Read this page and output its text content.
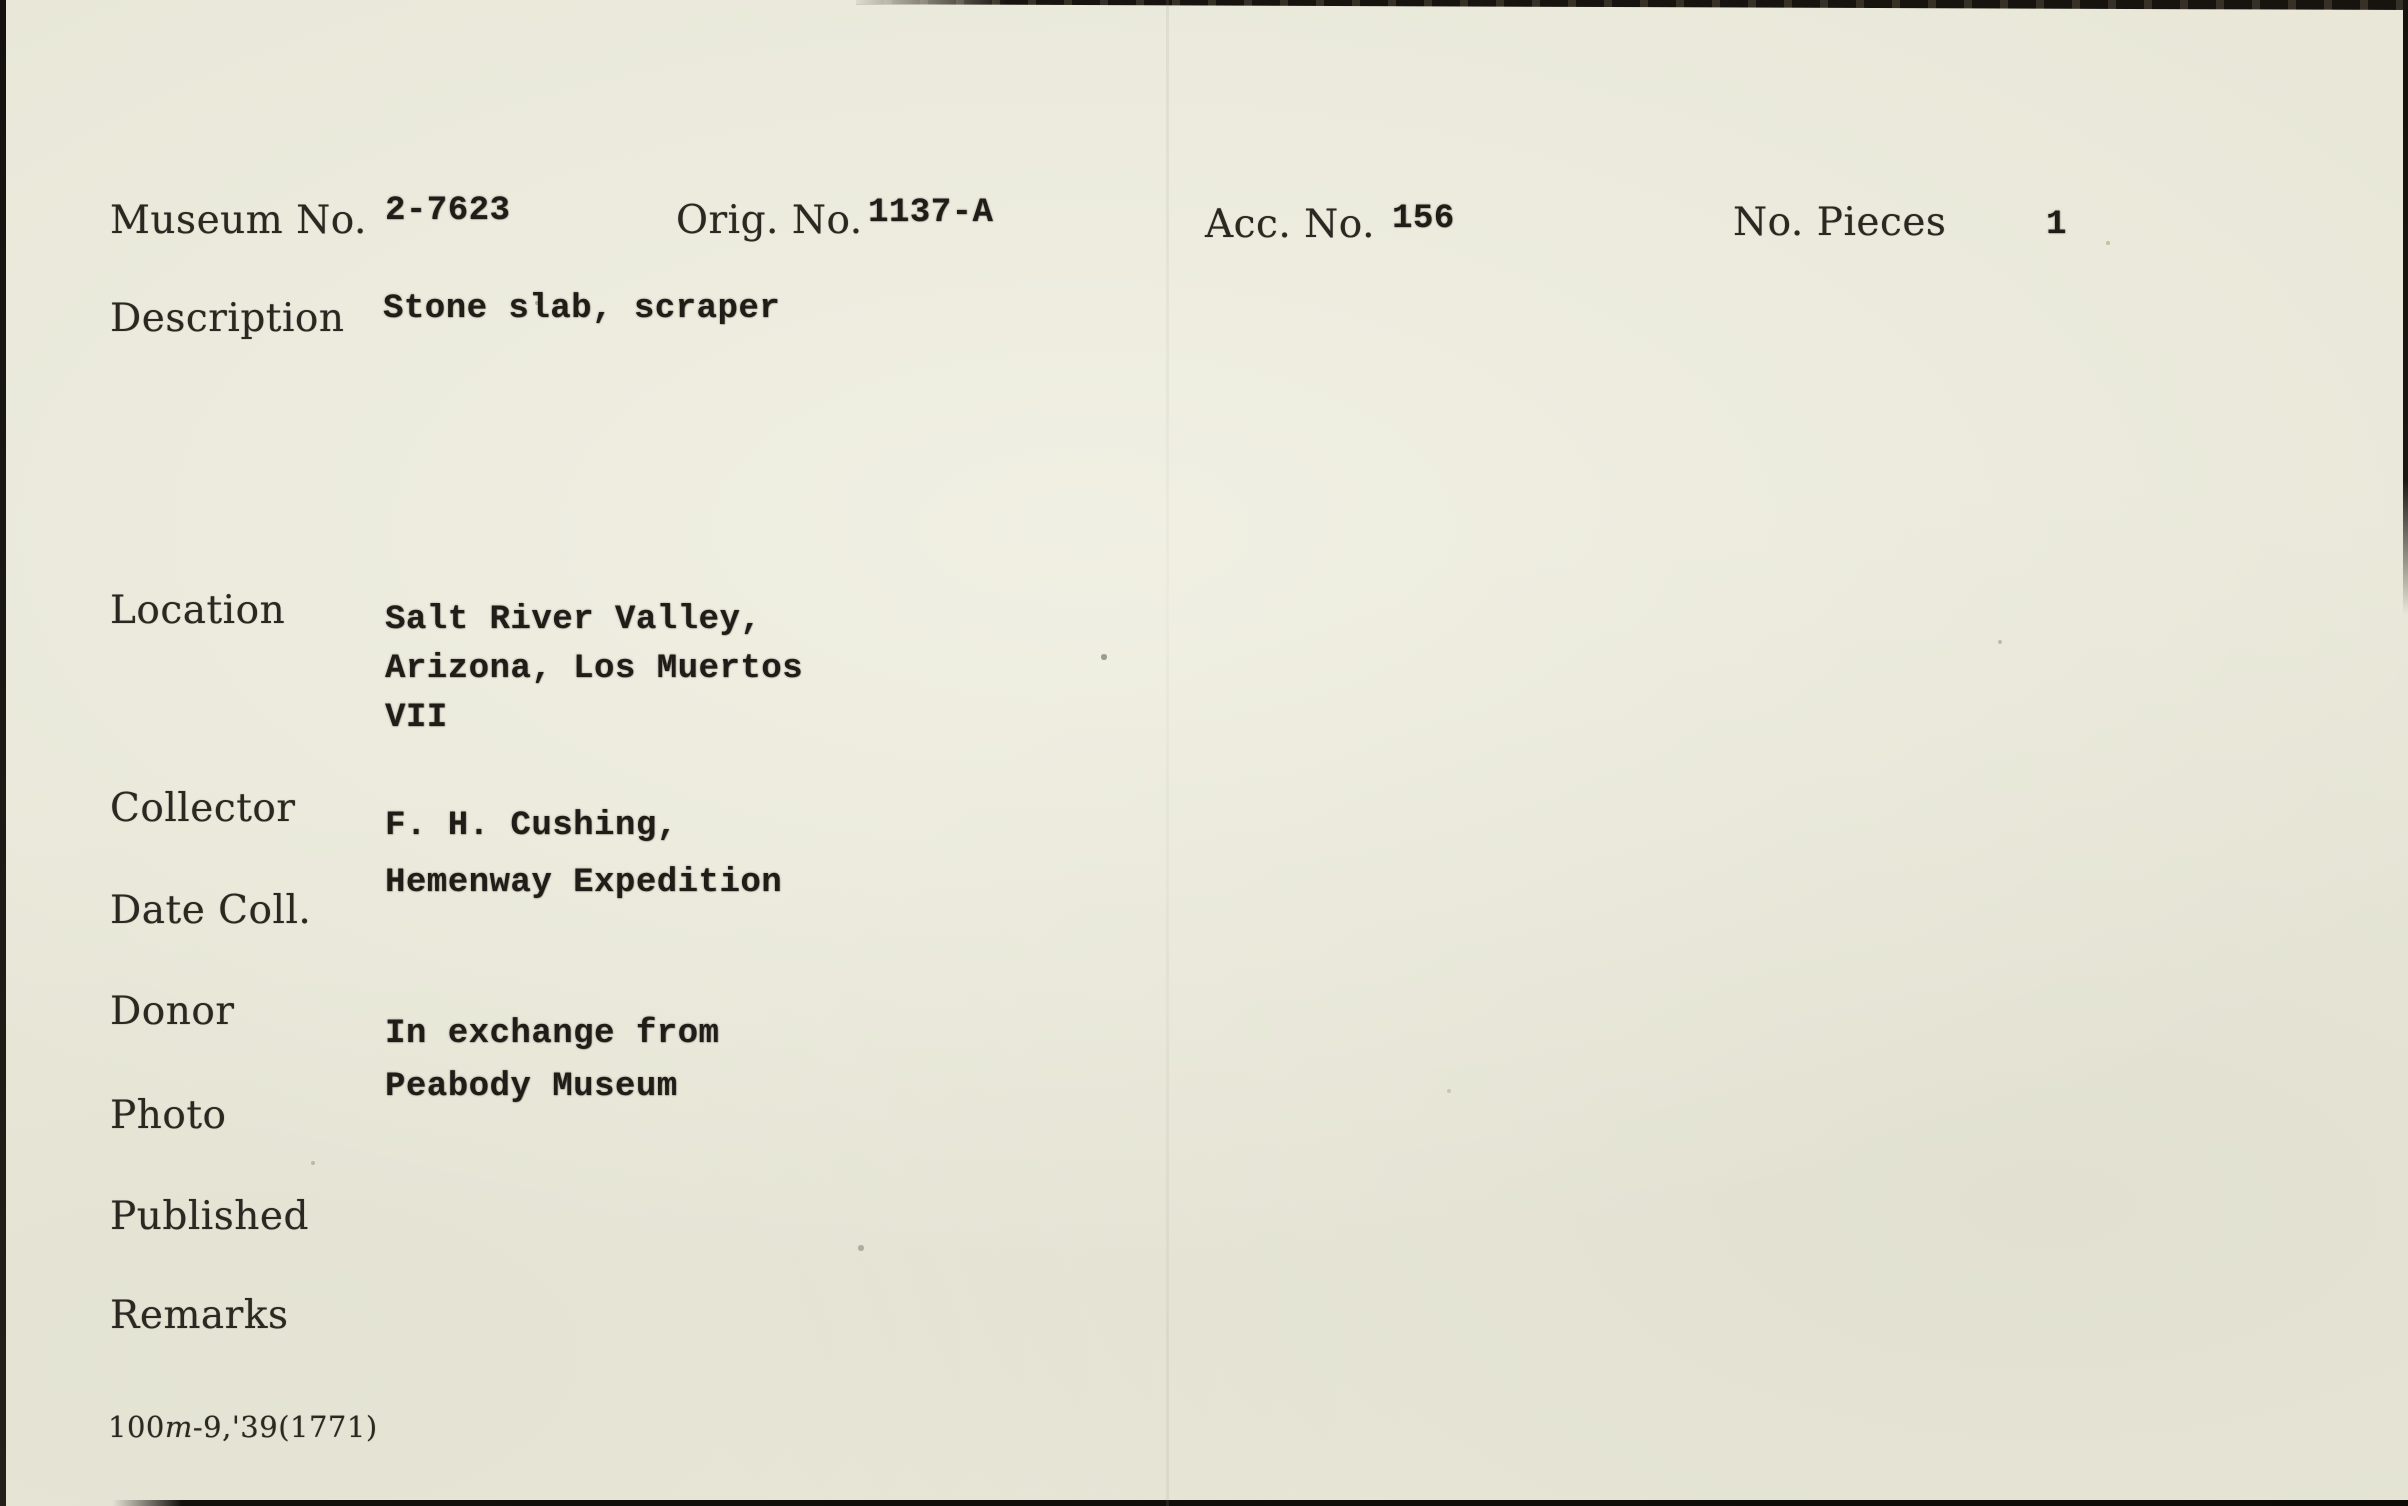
Museum No. 2-7623	Orig. No. 1137-A	Acc. No. 156	No. Pieces	1
Description Stone slab, scraper
Location	Salt River Valley,
Arizona, Los Muertos
VII
Collector	F. H. Cushing,
Hemenway Expedition
Date Coll.
Donor	In exchange from
Peabody Museum
Photo
Published
Remarks
100m-9,'39(1771)
